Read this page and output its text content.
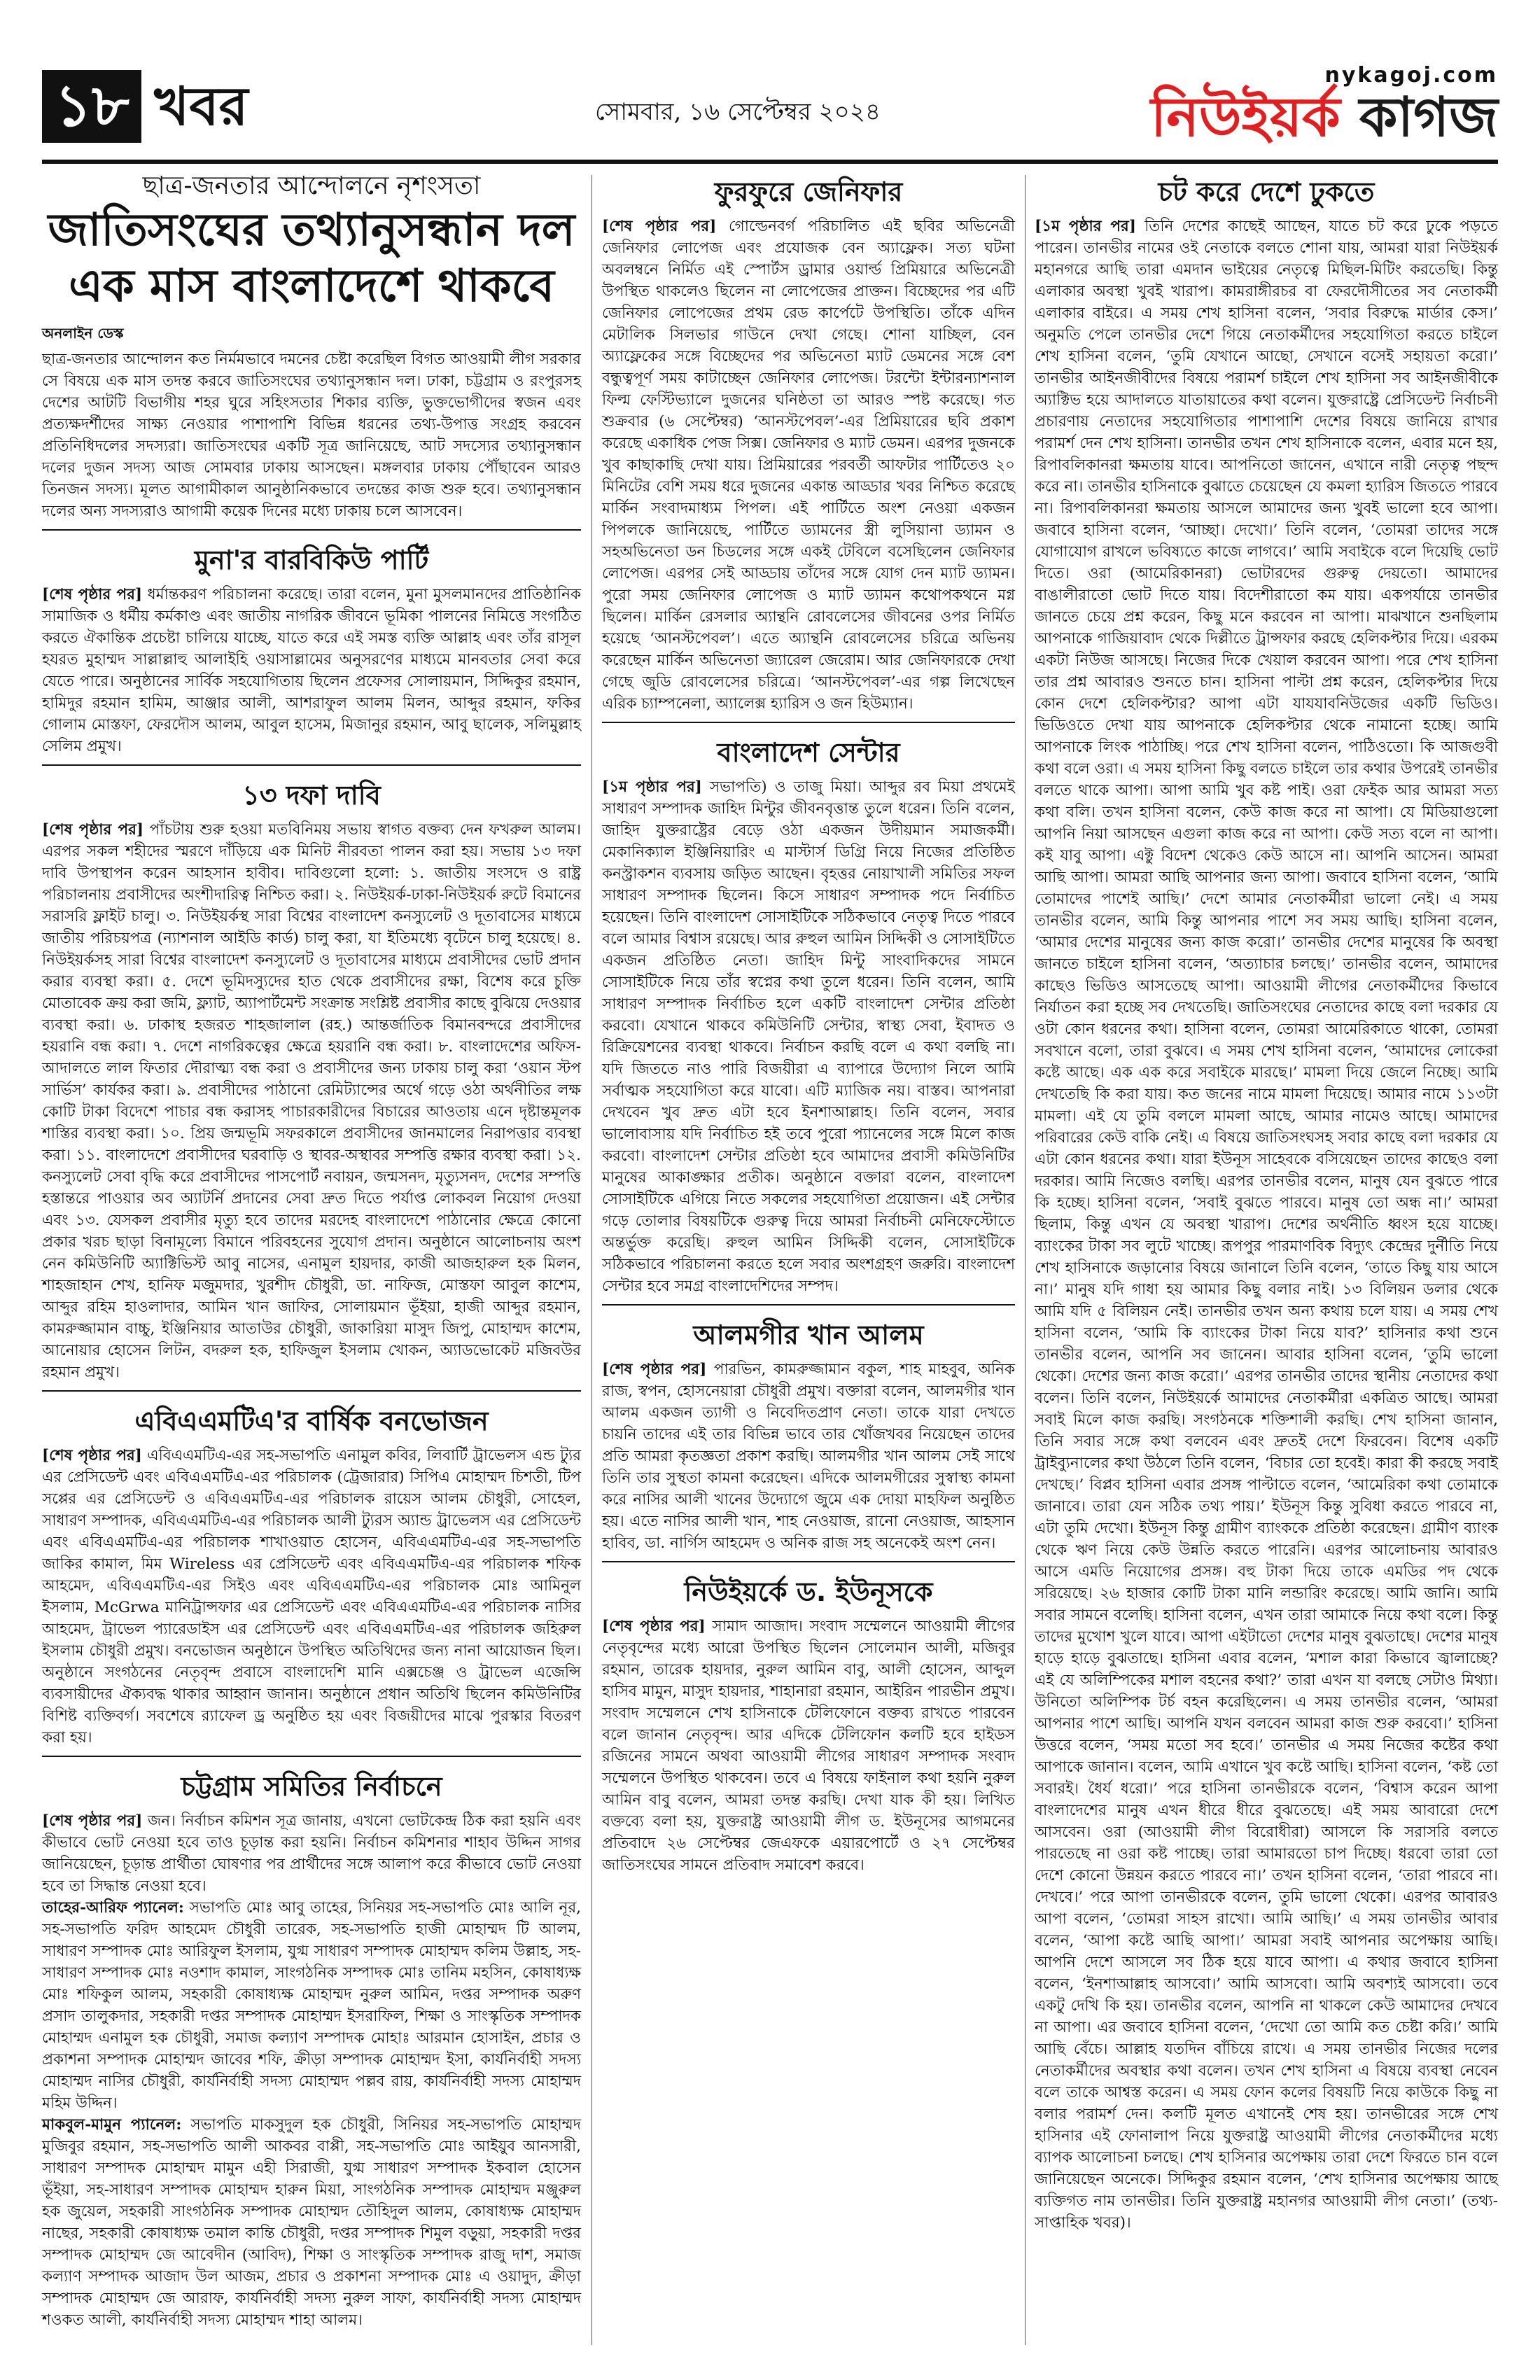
১৮ খবর	সোমবার, ১৬ সেপ্টেম্বর ২০২৪
nykagoj.com
নিউইয়র্ক কাগজ
ছাত্র-জনতার আন্দোলনে নৃশংসতা
জাতিসংঘের তথ্যানুসন্ধান দল
এক মাস বাংলাদেশে থাকবে
অনলাইন ডেস্ক

ছাত্র-জনতার আন্দোলন কত নির্মমভাবে দমনের চেষ্টা করেছিল বিগত আওয়ামী লীগ সরকার সে বিষয়ে এক মাস তদন্ত করবে জাতিসংঘের তথ্যানুসন্ধান দল। ঢাকা, চট্টগ্রাম ও রংপুরসহ দেশের আটটি বিভাগীয় শহর ঘুরে সহিংসতার শিকার ব্যক্তি, ভুক্তভোগীদের স্বজন এবং প্রত্যক্ষদর্শীদের সাক্ষ্য নেওয়ার পাশাপাশি বিভিন্ন ধরনের তথ্য-উপাত্ত সংগ্রহ করবেন প্রতিনিধিদলের সদস্যরা। জাতিসংঘের একটি সূত্র জানিয়েছে, আট সদস্যের তথ্যানুসন্ধান দলের দুজন সদস্য আজ সোমবার ঢাকায় আসছেন। মঙ্গলবার ঢাকায় পৌঁছাবেন আরও তিনজন সদস্য। মূলত আগামীকাল আনুষ্ঠানিকভাবে তদন্তের কাজ শুরু হবে। তথ্যানুসন্ধান দলের অন্য সদস্যরাও আগামী কয়েক দিনের মধ্যে ঢাকায় চলে আসবেন।

মুনা'র বারবিকিউ পার্টি

[শেষ পৃষ্ঠার পর] ধর্মান্তকরণ পরিচালনা করেছে। তারা বলেন, মুনা মুসলমানদের প্রাতিষ্ঠানিক সামাজিক ও ধর্মীয় কর্মকাণ্ড এবং জাতীয় নাগরিক জীবনে ভূমিকা পালনের নিমিত্তে সংগঠিত করতে ঐকান্তিক প্রচেষ্টা চালিয়ে যাচ্ছে, যাতে করে এই সমস্ত ব্যক্তি আল্লাহ এবং তাঁর রাসূল হযরত মুহাম্মদ সাল্লাল্লাহু আলাইহি ওয়াসাল্লামের অনুসরণের মাধ্যমে মানবতার সেবা করে যেতে পারে। অনুষ্ঠানের সার্বিক সহযোগিতায় ছিলেন প্রফেসর সোলায়মান, সিদ্দিকুর রহমান, হামিদুর রহমান হামিম, আঞ্জার আলী, আশরাফুল আলম মিলন, আব্দুর রহমান, ফকির গোলাম মোস্তফা, ফেরদৌস আলম, আবুল হাসেম, মিজানুর রহমান, আবু ছালেক, সলিমুল্লাহ সেলিম প্রমুখ।

১৩ দফা দাবি

[শেষ পৃষ্ঠার পর] পাঁচটায় শুরু হওয়া মতবিনিময় সভায় স্বাগত বক্তব্য দেন ফখরুল আলম। এরপর সকল শহীদের স্মরণে দাঁড়িয়ে এক মিনিট নীরবতা পালন করা হয়। সভায় ১৩ দফা দাবি উপস্থাপন করেন আহসান হাবীব। দাবিগুলো হলো: ১. জাতীয় সংসদে ও রাষ্ট্র পরিচালনায় প্রবাসীদের অংশীদারিত্ব নিশ্চিত করা। ২. নিউইয়র্ক-ঢাকা-নিউইয়র্ক রুটে বিমানের সরাসরি ফ্লাইট চালু। ৩. নিউইয়র্কস্থ সারা বিশ্বের বাংলাদেশ কনস্যুলেট ও দূতাবাসের মাধ্যমে জাতীয় পরিচয়পত্র (ন্যাশনাল আইডি কার্ড) চালু করা, যা ইতিমধ্যে বৃটেনে চালু হয়েছে। ৪. নিউইয়র্কসহ সারা বিশ্বের বাংলাদেশ কনস্যুলেট ও দূতাবাসের মাধ্যমে প্রবাসীদের ভোট প্রদান করার ব্যবস্থা করা। ৫. দেশে ভূমিদস্যুদের হাত থেকে প্রবাসীদের রক্ষা, বিশেষ করে চুক্তি মোতাবেক ক্রয় করা জমি, ফ্ল্যাট, অ্যাপার্টমেন্ট সংক্রান্ত সংশ্লিষ্ট প্রবাসীর কাছে বুঝিয়ে দেওয়ার ব্যবস্থা করা। ৬. ঢাকাস্থ হজরত শাহজালাল (রহ.) আন্তর্জাতিক বিমানবন্দরে প্রবাসীদের হয়রানি বন্ধ করা। ৭. দেশে নাগরিকত্বের ক্ষেত্রে হয়রানি বন্ধ করা। ৮. বাংলাদেশের অফিস-আদালতে লাল ফিতার দৌরাত্ম্য বন্ধ করা ও প্রবাসীদের জন্য ঢাকায় চালু করা ‘ওয়ান স্টপ সার্ভিস’ কার্যকর করা। ৯. প্রবাসীদের পাঠানো রেমিট্যান্সের অর্থে গড়ে ওঠা অর্থনীতির লক্ষ কোটি টাকা বিদেশে পাচার বন্ধ করাসহ পাচারকারীদের বিচারের আওতায় এনে দৃষ্টান্তমূলক শাস্তির ব্যবস্থা করা। ১০. প্রিয় জন্মভূমি সফরকালে প্রবাসীদের জানমালের নিরাপত্তার ব্যবস্থা করা। ১১. বাংলাদেশে প্রবাসীদের ঘরবাড়ি ও স্থাবর-অস্থাবর সম্পত্তি রক্ষার ব্যবস্থা করা। ১২. কনস্যুলেট সেবা বৃদ্ধি করে প্রবাসীদের পাসপোর্ট নবায়ন, জন্মসনদ, মৃত্যুসনদ, দেশের সম্পত্তি হস্তান্তরে পাওয়ার অব অ্যাটর্নি প্রদানের সেবা দ্রুত দিতে পর্যাপ্ত লোকবল নিয়োগ দেওয়া এবং ১৩. যেসকল প্রবাসীর মৃত্যু হবে তাদের মরদেহ বাংলাদেশে পাঠানোর ক্ষেত্রে কোনো প্রকার খরচ ছাড়া বিনামূল্যে বিমানে পরিবহনের সুযোগ প্রদান। অনুষ্ঠানে আলোচনায় অংশ নেন কমিউনিটি অ্যাক্টিভিস্ট আবু নাসের, এনামুল হায়দার, কাজী আজহারুল হক মিলন, শাহজাহান শেখ, হানিফ মজুমদার, খুরশীদ চৌধুরী, ডা. নাফিজ, মোস্তফা আবুল কাশেম, আব্দুর রহিম হাওলাদার, আমিন খান জাফির, সোলায়মান ভূঁইয়া, হাজী আব্দুর রহমান, কামরুজ্জামান বাচ্চু, ইঞ্জিনিয়ার আতাউর চৌধুরী, জাকারিয়া মাসুদ জিপু, মোহাম্মদ কাশেম, আনোয়ার হোসেন লিটন, বদরুল হক, হাফিজুল ইসলাম খোকন, অ্যাডভোকেট মজিবউর রহমান প্রমুখ।

এবিএএমটিএ'র বার্ষিক বনভোজন

[শেষ পৃষ্ঠার পর] এবিএএমটিএ-এর সহ-সভাপতি এনামুল কবির, লিবার্টি ট্রাভেলস এন্ড ট্যুর এর প্রেসিডেন্ট এবং এবিএএমটিএ-এর পরিচালক (ট্রেজারার) সিপিএ মোহাম্মদ চিশতী, টিপ সপ্পের এর প্রেসিডেন্ট ও এবিএএমটিএ-এর পরিচালক রায়েস আলম চৌধুরী, সোহেল, সাধারণ সম্পাদক, এবিএএমটিএ-এর পরিচালক আলী ট্যুরস অ্যান্ড ট্রাভেলস এর প্রেসিডেন্ট এবং এবিএএমটিএ-এর পরিচালক শাখাওয়াত হোসেন, এবিএএমটিএ-এর সহ-সভাপতি জাকির কামাল, মিম Wireless এর প্রেসিডেন্ট এবং এবিএএমটিএ-এর পরিচালক শফিক আহমেদ, এবিএএমটিএ-এর সিইও এবং এবিএএমটিএ-এর পরিচালক মোঃ আমিনুল ইসলাম, McGrwa মানিট্রান্সফার এর প্রেসিডেন্ট এবং এবিএএমটিএ-এর পরিচালক নাসির আহমেদ, ট্রাভেল প্যারেডাইস এর প্রেসিডেন্ট এবং এবিএএমটিএ-এর পরিচালক জহিরুল ইসলাম চৌধুরী প্রমুখ। বনভোজন অনুষ্ঠানে উপস্থিত অতিথিদের জন্য নানা আয়োজন ছিল। অনুষ্ঠানে সংগঠনের নেতৃবৃন্দ প্রবাসে বাংলাদেশি মানি এক্সচেঞ্জ ও ট্রাভেল এজেন্সি ব্যবসায়ীদের ঐক্যবদ্ধ থাকার আহ্বান জানান। অনুষ্ঠানে প্রধান অতিথি ছিলেন কমিউনিটির বিশিষ্ট ব্যক্তিবর্গ। সবশেষে র‍্যাফেল ড্র অনুষ্ঠিত হয় এবং বিজয়ীদের মাঝে পুরস্কার বিতরণ করা হয়।

চট্টগ্রাম সমিতির নির্বাচনে

[শেষ পৃষ্ঠার পর] জন। নির্বাচন কমিশন সূত্র জানায়, এখনো ভোটকেন্দ্র ঠিক করা হয়নি এবং কীভাবে ভোট নেওয়া হবে তাও চূড়ান্ত করা হয়নি। নির্বাচন কমিশনার শাহাব উদ্দিন সাগর জানিয়েছেন, চূড়ান্ত প্রার্থীতা ঘোষণার পর প্রার্থীদের সঙ্গে আলাপ করে কীভাবে ভোট নেওয়া হবে তা সিদ্ধান্ত নেওয়া হবে।

তাহের-আরিফ প্যানেল: সভাপতি মোঃ আবু তাহের, সিনিয়র সহ-সভাপতি মোঃ আলি নূর, সহ-সভাপতি ফরিদ আহমেদ চৌধুরী তারেক, সহ-সভাপতি হাজী মোহাম্মদ টি আলম, সাধারণ সম্পাদক মোঃ আরিফুল ইসলাম, যুগ্ম সাধারণ সম্পাদক মোহাম্মদ কলিম উল্লাহ, সহ-সাধারণ সম্পাদক মোঃ নওশাদ কামাল, সাংগঠনিক সম্পাদক মোঃ তানিম মহসিন, কোষাধ্যক্ষ মোঃ শফিকুল আলম, সহকারী কোষাধ্যক্ষ মোহাম্মদ নুরুল আমিন, দপ্তর সম্পাদক অরুণ প্রসাদ তালুকদার, সহকারী দপ্তর সম্পাদক মোহাম্মদ ইসরাফিল, শিক্ষা ও সাংস্কৃতিক সম্পাদক মোহাম্মদ এনামুল হক চৌধুরী, সমাজ কল্যাণ সম্পাদক মোহাঃ আরমান হোসাইন, প্রচার ও প্রকাশনা সম্পাদক মোহাম্মদ জাবের শফি, ক্রীড়া সম্পাদক মোহাম্মদ ইসা, কার্যনির্বাহী সদস্য মোহাম্মদ নাসির চৌধুরী, কার্যনির্বাহী সদস্য মোহাম্মদ পল্লব রায়, কার্যনির্বাহী সদস্য মোহাম্মদ মহিম উদ্দিন।

মাকবুল-মামুন প্যানেল: সভাপতি মাকসুদুল হক চৌধুরী, সিনিয়র সহ-সভাপতি মোহাম্মদ মুজিবুর রহমান, সহ-সভাপতি আলী আকবর বাপ্পী, সহ-সভাপতি মোঃ আইয়ুব আনসারী, সাধারণ সম্পাদক মোহাম্মদ মামুন এহী সিরাজী, যুগ্ম সাধারণ সম্পাদক ইকবাল হোসেন ভূঁইয়া, সহ-সাধারণ সম্পাদক মোহাম্মদ হারুন মিয়া, সাংগঠনিক সম্পাদক মোহাম্মদ মঞ্জুরুল হক জুয়েল, সহকারী সাংগঠনিক সম্পাদক মোহাম্মদ তৌহিদুল আলম, কোষাধ্যক্ষ মোহাম্মদ নাছের, সহকারী কোষাধ্যক্ষ তমাল কান্তি চৌধুরী, দপ্তর সম্পাদক শিমুল বড়ুয়া, সহকারী দপ্তর সম্পাদক মোহাম্মদ জে আবেদীন (আবিদ), শিক্ষা ও সাংস্কৃতিক সম্পাদক রাজু দাশ, সমাজ কল্যাণ সম্পাদক আজাদ উল আজম, প্রচার ও প্রকাশনা সম্পাদক মোঃ এ ওয়াদুদ, ক্রীড়া সম্পাদক মোহাম্মদ জে আরাফ, কার্যনির্বাহী সদস্য নুরুল সাফা, কার্যনির্বাহী সদস্য মোহাম্মদ শওকত আলী, কার্যনির্বাহী সদস্য মোহাম্মদ শাহা আলম।

ফুরফুরে জেনিফার

[শেষ পৃষ্ঠার পর] গোল্ডেনবর্গ পরিচালিত এই ছবির অভিনেত্রী জেনিফার লোপেজ এবং প্রযোজক বেন অ্যাফ্লেক। সত্য ঘটনা অবলম্বনে নির্মিত এই স্পোর্টস ড্রামার ওয়ার্ল্ড প্রিমিয়ারে অভিনেত্রী উপস্থিত থাকলেও ছিলেন না লোপেজের প্রাক্তন। বিচ্ছেদের পর এটি জেনিফার লোপেজের প্রথম রেড কার্পেটে উপস্থিতি। তাঁকে এদিন মেটালিক সিলভার গাউনে দেখা গেছে। শোনা যাচ্ছিল, বেন অ্যাফ্লেকের সঙ্গে বিচ্ছেদের পর অভিনেতা ম্যাট ডেমনের সঙ্গে বেশ বন্ধুত্বপূর্ণ সময় কাটাচ্ছেন জেনিফার লোপেজ। টরন্টো ইন্টারন্যাশনাল ফিল্ম ফেস্টিভ্যালে দুজনের ঘনিষ্ঠতা তা আরও স্পষ্ট করেছে। গত শুক্রবার (৬ সেপ্টেম্বর) ‘আনস্টপেবল’-এর প্রিমিয়ারের ছবি প্রকাশ করেছে একাধিক পেজ সিক্স। জেনিফার ও ম্যাট ডেমন। এরপর দুজনকে খুব কাছাকাছি দেখা যায়। প্রিমিয়ারের পরবর্তী আফটার পার্টিতেও ২০ মিনিটের বেশি সময় ধরে দুজনের একান্ত আড্ডার খবর নিশ্চিত করেছে মার্কিন সংবাদমাধ্যম পিপল। এই পার্টিতে অংশ নেওয়া একজন পিপলকে জানিয়েছে, পার্টিতে ড্যামনের স্ত্রী লুসিয়ানা ড্যামন ও সহঅভিনেতা ডন চিডলের সঙ্গে একই টেবিলে বসেছিলেন জেনিফার লোপেজ। এরপর সেই আড্ডায় তাঁদের সঙ্গে যোগ দেন ম্যাট ড্যামন। পুরো সময় জেনিফার লোপেজ ও ম্যাট ড্যামন কথোপকথনে মগ্ন ছিলেন। মার্কিন রেসলার অ্যান্থনি রোবলেসের জীবনের ওপর নির্মিত হয়েছে ‘আনস্টপেবল’। এতে অ্যান্থনি রোবলেসের চরিত্রে অভিনয় করেছেন মার্কিন অভিনেতা জ্যারেল জেরোম। আর জেনিফারকে দেখা গেছে জুডি রোবলেসের চরিত্রে। ‘আনস্টপেবল’-এর গল্প লিখেছেন এরিক চ্যাম্পনেলা, অ্যালেক্স হ্যারিস ও জন হিউম্যান।

বাংলাদেশ সেন্টার

[১ম পৃষ্ঠার পর] সভাপতি) ও তাজু মিয়া। আব্দুর রব মিয়া প্রথমেই সাধারণ সম্পাদক জাহিদ মিন্টুর জীবনবৃত্তান্ত তুলে ধরেন। তিনি বলেন, জাহিদ যুক্তরাষ্ট্রের বেড়ে ওঠা একজন উদীয়মান সমাজকর্মী। মেকানিক্যাল ইঞ্জিনিয়ারিং এ মাস্টার্স ডিগ্রি নিয়ে নিজের প্রতিষ্ঠিত কনস্ট্রাকশন ব্যবসায় জড়িত আছেন। বৃহত্তর নোয়াখালী সমিতির সফল সাধারণ সম্পাদক ছিলেন। কিসে সাধারণ সম্পাদক পদে নির্বাচিত হয়েছেন। তিনি বাংলাদেশ সোসাইটিকে সঠিকভাবে নেতৃত্ব দিতে পারবে বলে আমার বিশ্বাস রয়েছে। আর রুহুল আমিন সিদ্দিকী ও সোসাইটিতে একজন প্রতিষ্ঠিত নেতা। জাহিদ মিন্টু সাংবাদিকদের সামনে সোসাইটিকে নিয়ে তাঁর স্বপ্নের কথা তুলে ধরেন। তিনি বলেন, আমি সাধারণ সম্পাদক নির্বাচিত হলে একটি বাংলাদেশ সেন্টার প্রতিষ্ঠা করবো। যেখানে থাকবে কমিউনিটি সেন্টার, স্বাস্থ্য সেবা, ইবাদত ও রিক্রিয়েশনের ব্যবস্থা থাকবে। নির্বাচন করছি বলে এ কথা বলছি না। যদি জিততে নাও পারি বিজয়ীরা এ ব্যাপারে উদ্যোগ নিলে আমি সর্বাত্মক সহযোগিতা করে যাবো। এটি ম্যাজিক নয়। বাস্তব। আপনারা দেখবেন খুব দ্রুত এটা হবে ইনশাআল্লাহ। তিনি বলেন, সবার ভালোবাসায় যদি নির্বাচিত হই তবে পুরো প্যানেলের সঙ্গে মিলে কাজ করবো। বাংলাদেশ সেন্টার প্রতিষ্ঠা হবে আমাদের প্রবাসী কমিউনিটির মানুষের আকাঙ্ক্ষার প্রতীক। অনুষ্ঠানে বক্তারা বলেন, বাংলাদেশ সোসাইটিকে এগিয়ে নিতে সকলের সহযোগিতা প্রয়োজন। এই সেন্টার গড়ে তোলার বিষয়টিকে গুরুত্ব দিয়ে আমরা নির্বাচনী মেনিফেস্টোতে অন্তর্ভুক্ত করেছি। রুহুল আমিন সিদ্দিকী বলেন, সোসাইটিকে সঠিকভাবে পরিচালনা করতে হলে সবার অংশগ্রহণ জরুরি। বাংলাদেশ সেন্টার হবে সমগ্র বাংলাদেশিদের সম্পদ।

আলমগীর খান আলম

[শেষ পৃষ্ঠার পর] পারভিন, কামরুজ্জামান বকুল, শাহ মাহবুব, অনিক রাজ, স্বপন, হোসনেয়ারা চৌধুরী প্রমুখ। বক্তারা বলেন, আলমগীর খান আলম একজন ত্যাগী ও নিবেদিতপ্রাণ নেতা। তাকে যারা দেখতে চায়নি তাদের এই তার বিভিন্ন ভাবে তার খোঁজখবর নিয়েছেন তাদের প্রতি আমরা কৃতজ্ঞতা প্রকাশ করছি। আলমগীর খান আলম সেই সাথে তিনি তার সুস্থতা কামনা করেছেন। এদিকে আলমগীরের সুস্বাস্থ্য কামনা করে নাসির আলী খানের উদ্যোগে জুমে এক দোয়া মাহফিল অনুষ্ঠিত হয়। এতে নাসির আলী খান, শাহ নেওয়াজ, রানো নেওয়াজ, আহসান হাবিব, ডা. নার্গিস আহমেদ ও অনিক রাজ সহ অনেকেই অংশ নেন।

নিউইয়র্কে ড. ইউনূসকে

[শেষ পৃষ্ঠার পর] সামাদ আজাদ। সংবাদ সম্মেলনে আওয়ামী লীগের নেতৃবৃন্দের মধ্যে আরো উপস্থিত ছিলেন সোলেমান আলী, মজিবুর রহমান, তারেক হায়দার, নুরুল আমিন বাবু, আলী হোসেন, আব্দুল হাসিব মামুন, মাসুদ হায়দার, শাহানারা রহমান, আইরিন পারভীন প্রমুখ। সংবাদ সম্মেলনে শেখ হাসিনাকে টেলিফোনে বক্তব্য রাখতে পারবেন বলে জানান নেতৃবৃন্দ। আর এদিকে টেলিফোন কলটি হবে হাইডস রজিনের সামনে অথবা আওয়ামী লীগের সাধারণ সম্পাদক সংবাদ সম্মেলনে উপস্থিত থাকবেন। তবে এ বিষয়ে ফাইনাল কথা হয়নি নুরুল আমিন বাবু বলেন, আমরা তদন্ত করছি। দেখা যাক কী হয়। লিখিত বক্তব্যে বলা হয়, যুক্তরাষ্ট্র আওয়ামী লীগ ড. ইউনূসের আগমনের প্রতিবাদে ২৬ সেপ্টেম্বর জেএফকে এয়ারপোর্টে ও ২৭ সেপ্টেম্বর জাতিসংঘের সামনে প্রতিবাদ সমাবেশ করবে।

চট করে দেশে ঢুকতে

[১ম পৃষ্ঠার পর] তিনি দেশের কাছেই আছেন, যাতে চট করে ঢুকে পড়তে পারেন। তানভীর নামের ওই নেতাকে বলতে শোনা যায়, আমরা যারা নিউইয়র্ক মহানগরে আছি তারা এমদান ভাইয়ের নেতৃত্বে মিছিল-মিটিং করতেছি। কিন্তু এলাকার অবস্থা খুবই খারাপ। কামরাঙ্গীরচর বা ফেরদৌসীতের সব নেতাকর্মী এলাকার বাইরে। এ সময় শেখ হাসিনা বলেন, ‘সবার বিরুদ্ধে মার্ডার কেস।’ অনুমতি পেলে তানভীর দেশে গিয়ে নেতাকর্মীদের সহযোগিতা করতে চাইলে শেখ হাসিনা বলেন, ‘তুমি যেখানে আছো, সেখানে বসেই সহায়তা করো।’ তানভীর আইনজীবীদের বিষয়ে পরামর্শ চাইলে শেখ হাসিনা সব আইনজীবীকে অ্যাক্টিভ হয়ে আদালতে যাতায়াতের কথা বলেন। যুক্তরাষ্ট্রে প্রেসিডেন্ট নির্বাচনী প্রচারণায় নেতাদের সহযোগিতার পাশাপাশি দেশের বিষয়ে জানিয়ে রাখার পরামর্শ দেন শেখ হাসিনা। তানভীর তখন শেখ হাসিনাকে বলেন, এবার মনে হয়, রিপাবলিকানরা ক্ষমতায় যাবে। আপনিতো জানেন, এখানে নারী নেতৃত্ব পছন্দ করে না। তানভীর হাসিনাকে বুঝাতে চেয়েছেন যে কমলা হ্যারিস জিততে পারবে না। রিপাবলিকানরা ক্ষমতায় আসলে আমাদের জন্য খুবই ভালো হবে আপা। জবাবে হাসিনা বলেন, ‘আচ্ছা। দেখো।’ তিনি বলেন, ‘তোমরা তাদের সঙ্গে যোগাযোগ রাখলে ভবিষ্যতে কাজে লাগবে।’ আমি সবাইকে বলে দিয়েছি ভোট দিতে। ওরা (আমেরিকানরা) ভোটারদের গুরুত্ব দেয়তো। আমাদের বাঙালীরাতো ভোট দিতে যায়। বিদেশীরাতো কম যায়। একপর্যায়ে তানভীর জানতে চেয়ে প্রশ্ন করেন, কিছু মনে করবেন না আপা। মাঝখানে শুনছিলাম আপনাকে গাজিয়াবাদ থেকে দিল্লীতে ট্রান্সফার করছে হেলিকপ্টার দিয়ে। এরকম একটা নিউজ আসছে। নিজের দিকে খেয়াল করবেন আপা। পরে শেখ হাসিনা তার প্রশ্ন আবারও শুনতে চান। হাসিনা পাল্টা প্রশ্ন করেন, হেলিকপ্টার দিয়ে কোন দেশে হেলিকপ্টার? আপা এটা যাযযাবনিউজের একটি ভিডিও। ভিডিওতে দেখা যায় আপনাকে হেলিকপ্টার থেকে নামানো হচ্ছে। আমি আপনাকে লিংক পাঠাচ্ছি। পরে শেখ হাসিনা বলেন, পাঠিওতো। কি আজগুবী কথা বলে ওরা। এ সময় হাসিনা কিছু বলতে চাইলে তার কথার উপরেই তানভীর বলতে থাকে আপা। আপা আমি খুব কষ্ট পাই। ওরা ফেইক আর আমরা সত্য কথা বলি। তখন হাসিনা বলেন, কেউ কাজ করে না আপা। যে মিডিয়াগুলো আপনি নিয়া আসছেন এগুলা কাজ করে না আপা। কেউ সত্য বলে না আপা। কই যাবু আপা। এক্টু বিদেশ থেকেও কেউ আসে না। আপনি আসেন। আমরা আছি আপা। আমরা আছি আপনার জন্য আপা। জবাবে হাসিনা বলেন, ‘আমি তোমাদের পাশেই আছি।’ দেশে আমার নেতাকর্মীরা ভালো নেই। এ সময় তানভীর বলেন, আমি কিন্তু আপনার পাশে সব সময় আছি। হাসিনা বলেন, ‘আমার দেশের মানুষের জন্য কাজ করো।’ তানভীর দেশের মানুষের কি অবস্থা জানতে চাইলে হাসিনা বলেন, ‘অত্যাচার চলছে।’ তানভীর বলেন, আমাদের কাছেও ভিডিও আসতেছে আপা। আওয়ামী লীগের নেতাকর্মীদের কিভাবে নির্যাতন করা হচ্ছে সব দেখতেছি। জাতিসংঘের নেতাদের কাছে বলা দরকার যে ওটা কোন ধরনের কথা। হাসিনা বলেন, তোমরা আমেরিকাতে থাকো, তোমরা সবখানে বলো, তারা বুঝবে। এ সময় শেখ হাসিনা বলেন, ‘আমাদের লোকেরা কষ্টে আছে। এক এক করে সবাইকে মারছে।’ মামলা দিয়ে জেলে নিচ্ছে। আমি দেখতেছি কি করা যায়। কত জনের নামে মামলা দিয়েছে। আমার নামে ১১৩টা মামলা। এই যে তুমি বললে মামলা আছে, আমার নামেও আছে। আমাদের পরিবারের কেউ বাকি নেই। এ বিষয়ে জাতিসংঘসহ সবার কাছে বলা দরকার যে এটা কোন ধরনের কথা। যারা ইউনূস সাহেবকে বসিয়েছেন তাদের কাছেও বলা দরকার। আমি নিজেও বলছি। এরপর তানভীর বলেন, মানুষ যেন বুঝতে পারে কি হচ্ছে। হাসিনা বলেন, ‘সবাই বুঝতে পারবে। মানুষ তো অন্ধ না।’ আমরা ছিলাম, কিন্তু এখন যে অবস্থা খারাপ। দেশের অর্থনীতি ধ্বংস হয়ে যাচ্ছে। ব্যাংকের টাকা সব লুটে খাচ্ছে। রূপপুর পারমাণবিক বিদ্যুৎ কেন্দ্রের দুর্নীতি নিয়ে শেখ হাসিনাকে জড়ানোর বিষয়ে জানালে তিনি বলেন, ‘তাতে কিছু যায় আসে না।’ মানুষ যদি গাধা হয় আমার কিছু বলার নাই। ১৩ বিলিয়ন ডলার থেকে আমি যদি ৫ বিলিয়ন নেই। তানভীর তখন অন্য কথায় চলে যায়। এ সময় শেখ হাসিনা বলেন, ‘আমি কি ব্যাংকের টাকা নিয়ে যাব?’ হাসিনার কথা শুনে তানভীর বলেন, আপনি সব জানেন। আবার হাসিনা বলেন, ‘তুমি ভালো থেকো। দেশের জন্য কাজ করো।’ এরপর তানভীর তাদের স্থানীয় নেতাদের কথা বলেন। তিনি বলেন, নিউইয়র্কে আমাদের নেতাকর্মীরা একত্রিত আছে। আমরা সবাই মিলে কাজ করছি। সংগঠনকে শক্তিশালী করছি। শেখ হাসিনা জানান, তিনি সবার সঙ্গে কথা বলবেন এবং দ্রুতই দেশে ফিরবেন। বিশেষ একটি ট্রাইব্যুনালের কথা উঠলে তিনি বলেন, ‘বিচার তো হবেই। কারা কী করছে সবাই দেখছে।’ বিপ্লব হাসিনা এবার প্রসঙ্গ পাল্টাতে বলেন, ‘আমেরিকা কথা তোমাকে জানাবে। তারা যেন সঠিক তথ্য পায়।’ ইউনূস কিন্তু সুবিধা করতে পারবে না, এটা তুমি দেখো। ইউনূস কিন্তু গ্রামীণ ব্যাংককে প্রতিষ্ঠা করেছেন। গ্রামীণ ব্যাংক থেকে ঋণ নিয়ে কেউ উন্নতি করতে পারেনি। এরপর আলোচনায় আবারও আসে এমডি নিয়োগের প্রসঙ্গ। বহু টাকা দিয়ে তাকে এমডির পদ থেকে সরিয়েছে। ২৬ হাজার কোটি টাকা মানি লন্ডারিং করেছে। আমি জানি। আমি সবার সামনে বলেছি। হাসিনা বলেন, এখন তারা আমাকে নিয়ে কথা বলে। কিন্তু তাদের মুখোশ খুলে যাবে। আপা এইটাতো দেশের মানুষ বুঝতাছে। দেশের মানুষ হাড়ে হাড়ে বুঝতাছে। হাসিনা এবার বলেন, ‘মশাল কারা কিভাবে জ্বালাচ্ছে? এই যে অলিম্পিকের মশাল বহনের কথা?’ তারা এখন যা বলছে সেটাও মিথ্যা। উনিতো অলিম্পিক টর্চ বহন করেছিলেন। এ সময় তানভীর বলেন, ‘আমরা আপনার পাশে আছি। আপনি যখন বলবেন আমরা কাজ শুরু করবো।’ হাসিনা উত্তরে বলেন, ‘সময় মতো সব হবে।’ তানভীর এ সময় নিজের কষ্টের কথা আপাকে জানান। বলেন, আমি এখানে খুব কষ্টে আছি। হাসিনা বলেন, ‘কষ্ট তো সবারই। ধৈর্য ধরো।’ পরে হাসিনা তানভীরকে বলেন, ‘বিশ্বাস করেন আপা বাংলাদেশের মানুষ এখন ধীরে ধীরে বুঝতেছে। এই সময় আবারো দেশে আসবেন। ওরা (আওয়ামী লীগ বিরোধীরা) আসলে কি সরাসরি বলতে পারতেছে না ওরা কষ্ট পাচ্ছে। তারা আমারতো চাপ দিচ্ছে। ধরবো তারা তো দেশে কোনো উন্নয়ন করতে পারবে না।’ তখন হাসিনা বলেন, ‘তারা পারবে না। দেখবে।’ পরে আপা তানভীরকে বলেন, তুমি ভালো থেকো। এরপর আবারও আপা বলেন, ‘তোমরা সাহস রাখো। আমি আছি।’ এ সময় তানভীর আবার বলেন, ‘আপা কষ্টে আছি আপা।’ আমরা সবাই আপনার অপেক্ষায় আছি। আপনি দেশে আসলে সব ঠিক হয়ে যাবে আপা। এ কথার জবাবে হাসিনা বলেন, ‘ইনশাআল্লাহ আসবো।’ আমি আসবো। আমি অবশ্যই আসবো। তবে একটু দেখি কি হয়। তানভীর বলেন, আপনি না থাকলে কেউ আমাদের দেখবে না আপা। এর জবাবে হাসিনা বলেন, ‘দেখো তো আমি কত চেষ্টা করি।’ আমি আছি বেঁচে। আল্লাহ যতদিন বাঁচিয়ে রাখে। এ সময় তানভীর নিজের দলের নেতাকর্মীদের অবস্থার কথা বলেন। তখন শেখ হাসিনা এ বিষয়ে ব্যবস্থা নেবেন বলে তাকে আশ্বস্ত করেন। এ সময় ফোন কলের বিষয়টি নিয়ে কাউকে কিছু না বলার পরামর্শ দেন। কলটি মূলত এখানেই শেষ হয়। তানভীরের সঙ্গে শেখ হাসিনার এই ফোনালাপ নিয়ে যুক্তরাষ্ট্র আওয়ামী লীগের নেতাকর্মীদের মধ্যে ব্যাপক আলোচনা চলছে। শেখ হাসিনার অপেক্ষায় তারা দেশে ফিরতে চান বলে জানিয়েছেন অনেকে। সিদ্দিকুর রহমান বলেন, ‘শেখ হাসিনার অপেক্ষায় আছে ব্যক্তিগত নাম তানভীর। তিনি যুক্তরাষ্ট্র মহানগর আওয়ামী লীগ নেতা।’ (তথ্য-সাপ্তাহিক খবর)।
